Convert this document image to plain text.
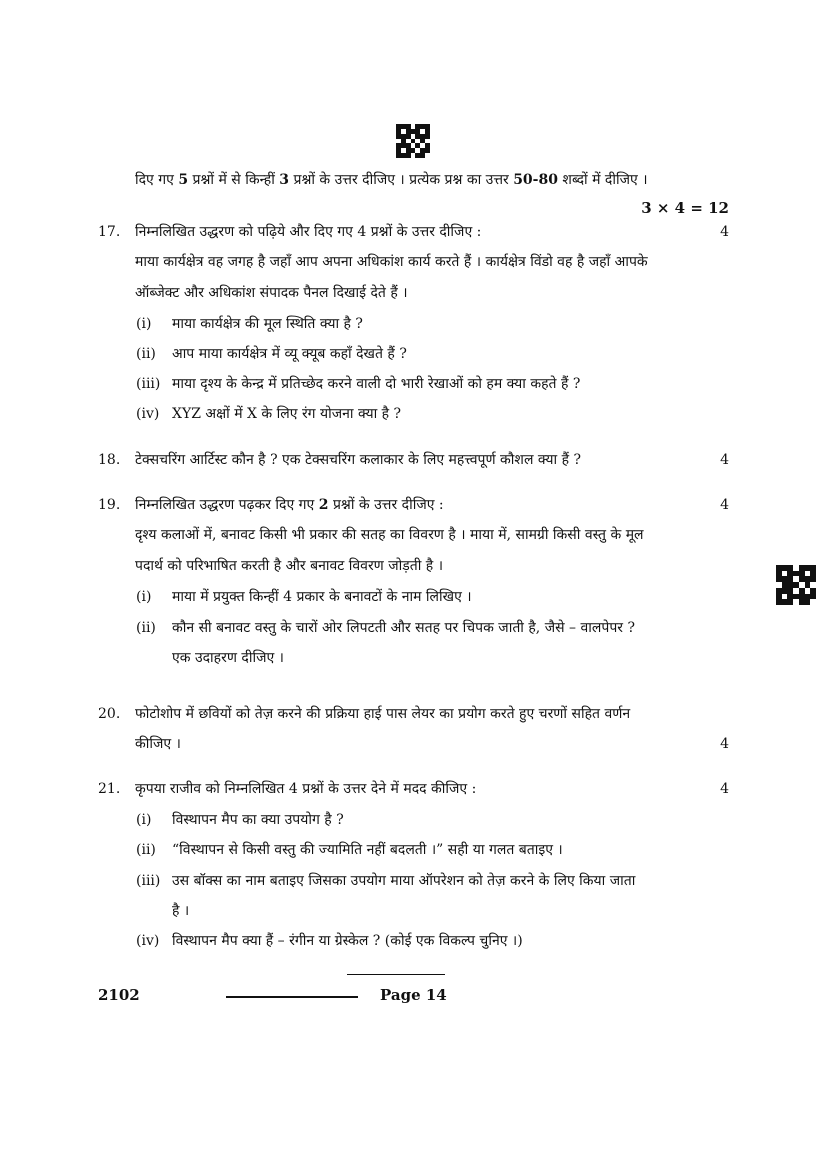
दिए गए 5 प्रश्नों में से किन्हीं 3 प्रश्नों के उत्तर दीजिए । प्रत्येक प्रश्न का उत्तर 50-80 शब्दों में दीजिए ।
3 × 4 = 12
17. निम्नलिखित उद्धरण को पढ़िये और दिए गए 4 प्रश्नों के उत्तर दीजिए :	4
माया कार्यक्षेत्र वह जगह है जहाँ आप अपना अधिकांश कार्य करते हैं । कार्यक्षेत्र विंडो वह है जहाँ आपके
ऑब्जेक्ट और अधिकांश संपादक पैनल दिखाई देते हैं ।
(i) माया कार्यक्षेत्र की मूल स्थिति क्या है ?
(ii) आप माया कार्यक्षेत्र में व्यू क्यूब कहाँ देखते हैं ?
(iii) माया दृश्य के केन्द्र में प्रतिच्छेद करने वाली दो भारी रेखाओं को हम क्या कहते हैं ?
(iv) XYZ अक्षों में X के लिए रंग योजना क्या है ?
18. टेक्सचरिंग आर्टिस्ट कौन है ? एक टेक्सचरिंग कलाकार के लिए महत्त्वपूर्ण कौशल क्या हैं ?	4
19. निम्नलिखित उद्धरण पढ़कर दिए गए 2 प्रश्नों के उत्तर दीजिए :	4
दृश्य कलाओं में, बनावट किसी भी प्रकार की सतह का विवरण है । माया में, सामग्री किसी वस्तु के मूल
पदार्थ को परिभाषित करती है और बनावट विवरण जोड़ती है ।
(i) माया में प्रयुक्त किन्हीं 4 प्रकार के बनावटों के नाम लिखिए ।
(ii) कौन सी बनावट वस्तु के चारों ओर लिपटती और सतह पर चिपक जाती है, जैसे – वालपेपर ?
एक उदाहरण दीजिए ।
20. फोटोशोप में छवियों को तेज़ करने की प्रक्रिया हाई पास लेयर का प्रयोग करते हुए चरणों सहित वर्णन
कीजिए ।	4
21. कृपया राजीव को निम्नलिखित 4 प्रश्नों के उत्तर देने में मदद कीजिए :	4
(i) विस्थापन मैप का क्या उपयोग है ?
(ii) “विस्थापन से किसी वस्तु की ज्यामिति नहीं बदलती ।” सही या गलत बताइए ।
(iii) उस बॉक्स का नाम बताइए जिसका उपयोग माया ऑपरेशन को तेज़ करने के लिए किया जाता
है ।
(iv) विस्थापन मैप क्या हैं – रंगीन या ग्रेस्केल ? (कोई एक विकल्प चुनिए ।)
2102	Page 14
